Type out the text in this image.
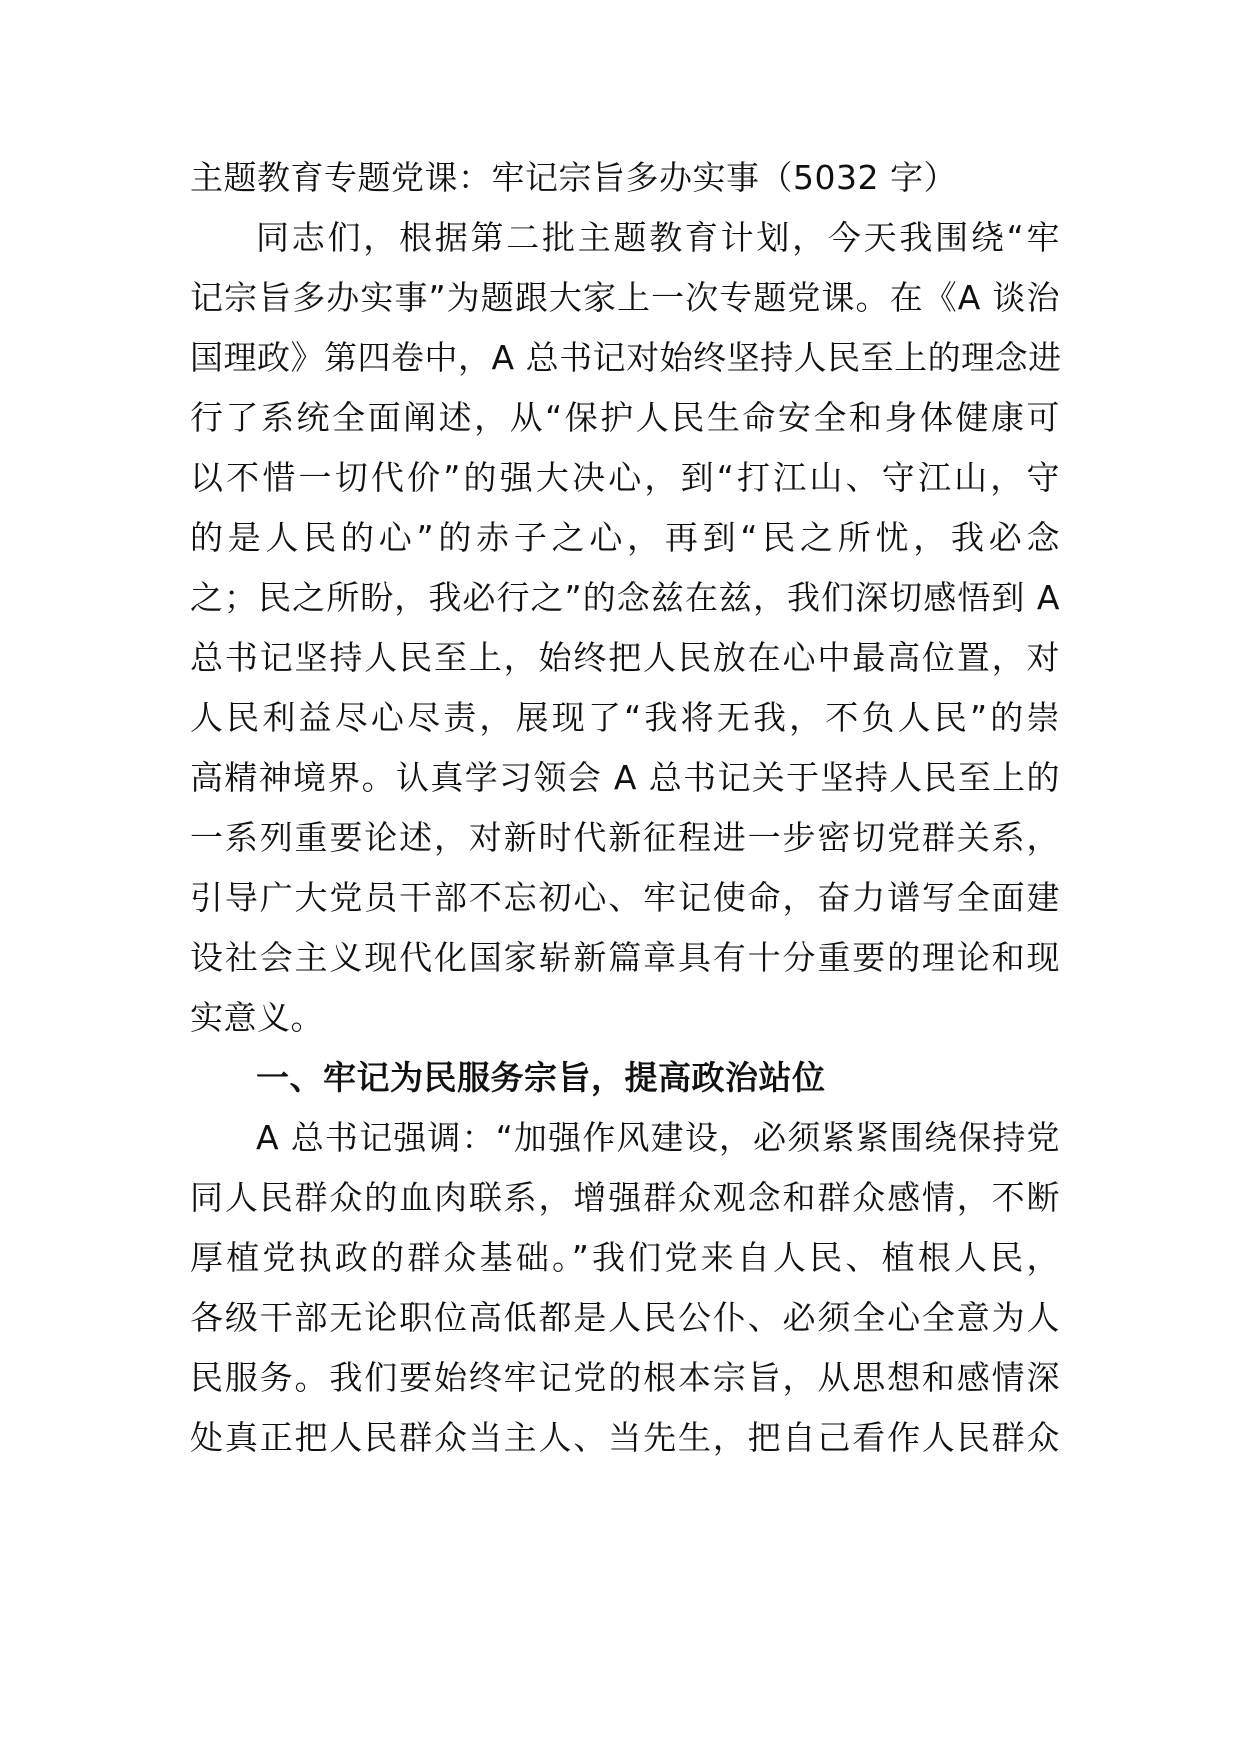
主题教育专题党课：牢记宗旨多办实事（5032 字）
同志们，根据第二批主题教育计划，今天我围绕“牢
记宗旨多办实事”为题跟大家上一次专题党课。在《A 谈治
国理政》第四卷中，A 总书记对始终坚持人民至上的理念进
行了系统全面阐述，从“保护人民生命安全和身体健康可
以不惜一切代价”的强大决心，到“打江山、守江山，守
的是人民的心”的赤子之心，再到“民之所忧，我必念
之；民之所盼，我必行之”的念兹在兹，我们深切感悟到 A
总书记坚持人民至上，始终把人民放在心中最高位置，对
人民利益尽心尽责，展现了“我将无我，不负人民”的崇
高精神境界。认真学习领会 A 总书记关于坚持人民至上的
一系列重要论述，对新时代新征程进一步密切党群关系，
引导广大党员干部不忘初心、牢记使命，奋力谱写全面建
设社会主义现代化国家崭新篇章具有十分重要的理论和现
实意义。
一、牢记为民服务宗旨，提高政治站位
A 总书记强调：“加强作风建设，必须紧紧围绕保持党
同人民群众的血肉联系，增强群众观念和群众感情，不断
厚植党执政的群众基础。”我们党来自人民、植根人民，
各级干部无论职位高低都是人民公仆、必须全心全意为人
民服务。我们要始终牢记党的根本宗旨，从思想和感情深
处真正把人民群众当主人、当先生，把自己看作人民群众
